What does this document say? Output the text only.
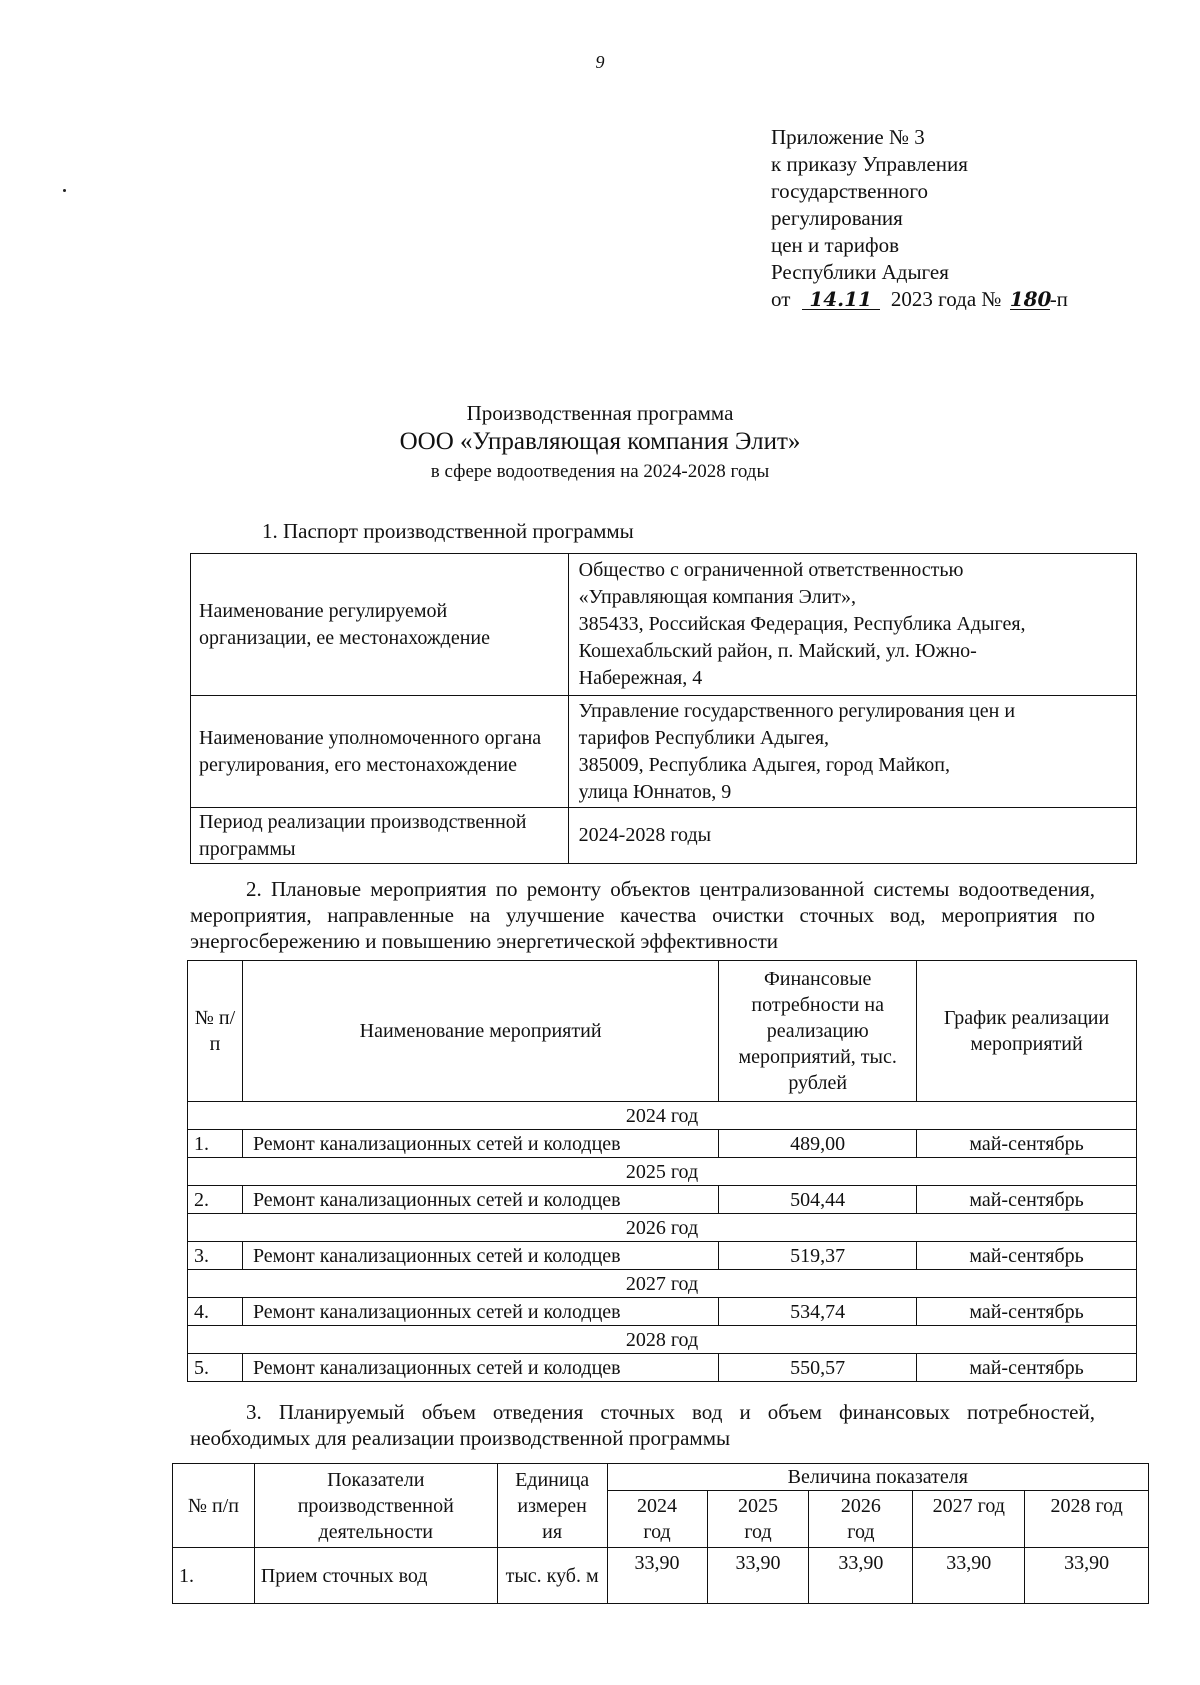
9
Приложение № 3
к приказу Управления
государственного
регулирования
цен и тарифов
Республики Адыгея
от 14.11 2023 года № 180-п
Производственная программа
ООО «Управляющая компания Элит»
в сфере водоотведения на 2024-2028 годы
1. Паспорт производственной программы
Наименование регулируемой организации, ее местонахождение	Общество с ограниченной ответственностью
«Управляющая компания Элит»,
385433, Российская Федерация, Республика Адыгея,
Кошехабльский район, п. Майский, ул. Южно-
Набережная, 4

Наименование уполномоченного органа регулирования, его местонахождение	Управление государственного регулирования цен и
тарифов Республики Адыгея,
385009, Республика Адыгея, город Майкоп,
улица Юннатов, 9

Период реализации производственной программы	2024-2028 годы
2. Плановые мероприятия по ремонту объектов централизованной системы водоотведения, мероприятия, направленные на улучшение качества очистки сточных вод, мероприятия по энергосбережению и повышению энергетической эффективности
№ п/п	Наименование мероприятий	Финансовые потребности на реализацию мероприятий, тыс. рублей	График реализации мероприятий
2024 год			
1.	Ремонт канализационных сетей и колодцев	489,00	май-сентябрь
2025 год			
2.	Ремонт канализационных сетей и колодцев	504,44	май-сентябрь
2026 год			
3.	Ремонт канализационных сетей и колодцев	519,37	май-сентябрь
2027 год			
4.	Ремонт канализационных сетей и колодцев	534,74	май-сентябрь
2028 год			
5.	Ремонт канализационных сетей и колодцев	550,57	май-сентябрь
3. Планируемый объем отведения сточных вод и объем финансовых потребностей, необходимых для реализации производственной программы
№ п/п	Показатели производственной деятельности	Единица
измерен
ия	Величина показателя				
			2024 год	2025 год	2026 год	2027 год	2028 год
1.	Прием сточных вод	тыс. куб. м	33,90	33,90	33,90	33,90	33,90
